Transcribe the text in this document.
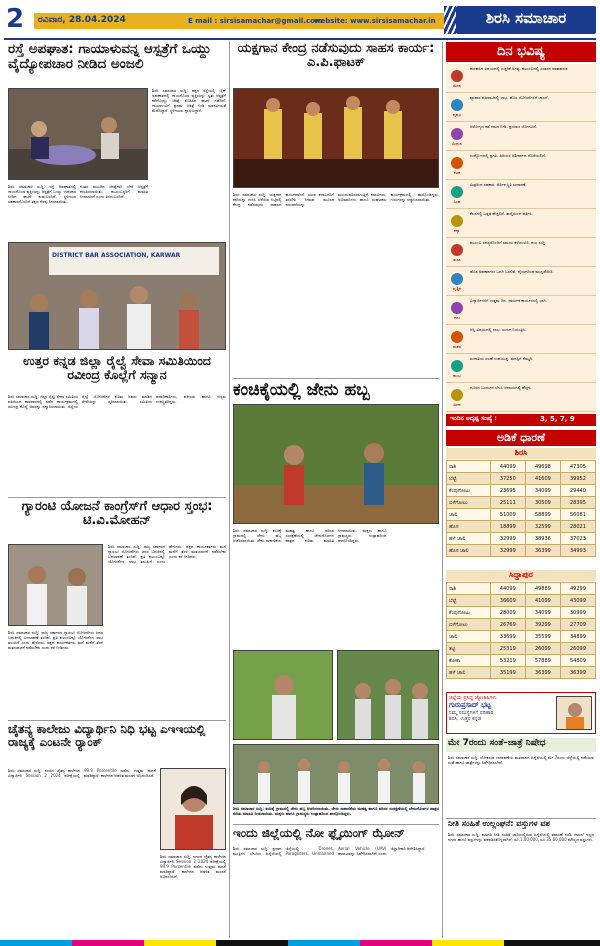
2	ರವಿವಾರ, 28.04.2024	E mail : sirsisamachar@gmail.com
website: www.sirsisamachar.in	ಶಿರಸಿ ಸಮಾಚಾರ
ರಸ್ತೆ ಅಪಘಾತ: ಗಾಯಾಳುವನ್ನ ಆಸ್ಪತ್ರೆಗೆ ಒಯ್ದು ವೈದ್ಯೋಪಚಾರ ನೀಡಿದ ಅಂಜಲಿ
ಶಿರಸಿ ಸಮಾಚಾರ ಸುದ್ದಿ: ಪಕ್ಕದ ರಸ್ತೆಯಲ್ಲಿ ಬೈಕ್ ಅಪಘಾತದಲ್ಲಿ ಗಾಯಗೊಂಡ ವ್ಯಕ್ತಿಯನ್ನು ಸ್ವತಃ ಆಸ್ಪತ್ರೆಗೆ ಕರೆದೊಯ್ದು ಚಿಕಿತ್ಸೆ ಕೊಡಿಸಿದ ಘಟನೆ ನಡೆದಿದೆ. ಗಾಯಾಳುವಿಗೆ ಪ್ರಥಮ ಚಿಕಿತ್ಸೆ ನೀಡಿ ಮಾನವೀಯತೆ ಮೆರೆದಿದ್ದಾರೆ. ಸ್ಥಳೀಯರು ಶ್ಲಾಘಿಸಿದ್ದಾರೆ.
ಶಿರಸಿ ಸಮಾಚಾರ ಸುದ್ದಿ: ರಸ್ತೆ ಅಪಘಾತದಲ್ಲಿ ಗಾಯಗೊಂಡ ವ್ಯಕ್ತಿಯನ್ನು ಆಸ್ಪತ್ರೆಗೆ ಒಯ್ದು ಉಪಚಾರ ನೀಡಿದ ಘಟನೆ ಕಂಡುಬಂದಿದೆ. ಸ್ಥಳೀಯರ ಸಹಕಾರದೊಂದಿಗೆ ತಕ್ಷಣ ನೆರವು ನೀಡಲಾಯಿತು.
ನಂತರ ಮುಂದಿನ ಚಿಕಿತ್ಸೆಗಾಗಿ ಬೇರೆ ಆಸ್ಪತ್ರೆಗೆ ಕಳುಹಿಸಲಾಯಿತು. ಕುಟುಂಬಸ್ಥರಿಗೆ ಮಾಹಿತಿ ನೀಡಲಾಗಿದೆ ಎಂದು ತಿಳಿದುಬಂದಿದೆ.
DISTRICT BAR ASSOCIATION, KARWAR
ಉತ್ತರ ಕನ್ನಡ ಜಿಲ್ಲಾ ರೈಲ್ವೆ ಸೇವಾ ಸಮಿತಿಯಿಂದ ರವೀಂದ್ರ ಕೊಲ್ಲೆಗೆ ಸನ್ಮಾನ
ಶಿರಸಿ ಸಮಾಚಾರ ಸುದ್ದಿ: ಜಿಲ್ಲಾ ರೈಲ್ವೆ ಸೇವಾ ಸಮಿತಿಯ ವತಿಯಿಂದ ಕಾರವಾರದಲ್ಲಿ ನಡೆದ ಕಾರ್ಯಕ್ರಮದಲ್ಲಿ ರವೀಂದ್ರ ಕೊಲ್ಲೆ ಅವರನ್ನು ಸನ್ಮಾನಿಸಲಾಯಿತು. ಜಿಲ್ಲೆಯ ರೈಲ್ವೆ ಯೋಜನೆಗಳ ಕುರಿತು ಅವರು ಮಾಡಿದ ಸೇವೆಯನ್ನು ಸ್ಮರಿಸಲಾಯಿತು. ಸಮಿತಿಯ ಪದಾಧಿಕಾರಿಗಳು, ವಕೀಲರು ಹಾಗೂ ಗಣ್ಯರು ಉಪಸ್ಥಿತರಿದ್ದರು.
ಗ್ಯಾರಂಟಿ ಯೋಜನೆ ಕಾಂಗ್ರೆಸ್‌ಗೆ ಆಧಾರ ಸ್ತಂಭ: ಟಿ.ವಿ.ಮೋಹನ್
ಶಿರಸಿ ಸಮಾಚಾರ ಸುದ್ದಿ: ರಾಜ್ಯ ಸರ್ಕಾರದ ಗ್ಯಾರಂಟಿ ಯೋಜನೆಗಳು ಜನರ ಬದುಕಿನಲ್ಲಿ ಬದಲಾವಣೆ ತಂದಿವೆ. ಪ್ರತಿ ಕುಟುಂಬಕ್ಕೂ ಯೋಜನೆಗಳ ಲಾಭ ತಲುಪಿದೆ ಎಂದು ಹೇಳಿದರು. ಪಕ್ಷದ ಕಾರ್ಯಕರ್ತರು ಮನೆ ಮನೆಗೆ ತೆರಳಿ ಮತಯಾಚನೆ ನಡೆಸಬೇಕು ಎಂದು ಕರೆ ನೀಡಿದರು.
ಶಿರಸಿ ಸಮಾಚಾರ ಸುದ್ದಿ: ರಾಜ್ಯ ಸರ್ಕಾರದ ಗ್ಯಾರಂಟಿ ಯೋಜನೆಗಳು ಜನರ ಬದುಕಿನಲ್ಲಿ ಬದಲಾವಣೆ ತಂದಿವೆ. ಪ್ರತಿ ಕುಟುಂಬಕ್ಕೂ ಯೋಜನೆಗಳ ಲಾಭ ತಲುಪಿದೆ ಎಂದು ಹೇಳಿದರು. ಪಕ್ಷದ ಕಾರ್ಯಕರ್ತರು ಮನೆ ಮನೆಗೆ ತೆರಳಿ ಮತಯಾಚನೆ ನಡೆಸಬೇಕು ಎಂದು ಕರೆ ನೀಡಿದರು.
ಚೈತನ್ಯ ಕಾಲೇಜು ವಿದ್ಯಾರ್ಥಿನಿ ನಿಧಿ ಭಟ್ಟ ಎಇಇಯಲ್ಲಿ ರಾಜ್ಯಕ್ಕೆ ಎಂಟನೇ ರ‍್ಯಾಂಕ್
ಶಿರಸಿ ಸಮಾಚಾರ ಸುದ್ದಿ: ನಗರದ ಚೈತನ್ಯ ಕಾಲೇಜಿನ ವಿದ್ಯಾರ್ಥಿನಿ Session 2 2024 ಪರೀಕ್ಷೆಯಲ್ಲಿ 99.9 Percentile ಪಡೆದು ಉತ್ತಮ ಸಾಧನೆ ಮಾಡಿದ್ದಾರೆ. ಕಾಲೇಜಿನ ಆಡಳಿತ ಮಂಡಳಿ ಅಭಿನಂದಿಸಿದೆ.
ಶಿರಸಿ ಸಮಾಚಾರ ಸುದ್ದಿ: ನಗರದ ಚೈತನ್ಯ ಕಾಲೇಜಿನ ವಿದ್ಯಾರ್ಥಿನಿ Session 2 2024 ಪರೀಕ್ಷೆಯಲ್ಲಿ 99.9 Percentile ಪಡೆದು ಉತ್ತಮ ಸಾಧನೆ ಮಾಡಿದ್ದಾರೆ. ಕಾಲೇಜಿನ ಆಡಳಿತ ಮಂಡಳಿ ಅಭಿನಂದಿಸಿದೆ.
ಯಕ್ಷಗಾನ ಕೇಂದ್ರ ನಡೆಸುವುದು ಸಾಹಸ ಕಾರ್ಯ: ಎ.ಪಿ.ಫಾಟಕ್
ಶಿರಸಿ ಸಮಾಚಾರ ಸುದ್ದಿ: ಯಕ್ಷಗಾನ ಕಲೆಯನ್ನು ಉಳಿಸಿ ಬೆಳೆಸುವ ನಿಟ್ಟಿನಲ್ಲಿ ಕೇಂದ್ರ ನಡೆಸುವುದು ಸಾಹಸದ ಕಾರ್ಯವಾಗಿದೆ. ಯುವ ಕಲಾವಿದರಿಗೆ ತರಬೇತಿ ನೀಡುವ ಮೂಲಕ ಪರಂಪರೆಯನ್ನು ಮುಂದುವರಿಸಲಾಗುತ್ತಿದೆ. ಕಲಾವಿದರು, ಅಭಿಮಾನಿಗಳು ಹಾಗೂ ಸಂಘಟಕರು ಕಾರ್ಯಕ್ರಮದಲ್ಲಿ ಪಾಲ್ಗೊಂಡಿದ್ದರು. ಗುರುಗಳನ್ನು ಸನ್ಮಾನಿಸಲಾಯಿತು.
ಕಂಚಿಕೈಯಲ್ಲಿ ಜೇನು ಹಬ್ಬ
ಶಿರಸಿ ಸಮಾಚಾರ ಸುದ್ದಿ: ಕಂಚಿಕೈ ಗ್ರಾಮದಲ್ಲಿ ಜೇನು ಹಬ್ಬ ಆಚರಿಸಲಾಯಿತು. ಜೇನು ಸಾಕಾಣಿಕೆಯ ಮಹತ್ವ ಹಾಗೂ ಪರಿಸರ ಸಂರಕ್ಷಣೆಯಲ್ಲಿ ಜೇನುನೊಣಗಳ ಪಾತ್ರದ ಕುರಿತು ಮಾಹಿತಿ ನೀಡಲಾಯಿತು. ಮಕ್ಕಳು ಹಾಗೂ ಗ್ರಾಮಸ್ಥರು ಉತ್ಸಾಹದಿಂದ ಪಾಲ್ಗೊಂಡಿದ್ದರು.
ಶಿರಸಿ ಸಮಾಚಾರ ಸುದ್ದಿ: ಕಂಚಿಕೈ ಗ್ರಾಮದಲ್ಲಿ ಜೇನು ಹಬ್ಬ ಆಚರಿಸಲಾಯಿತು. ಜೇನು ಸಾಕಾಣಿಕೆಯ ಮಹತ್ವ ಹಾಗೂ ಪರಿಸರ ಸಂರಕ್ಷಣೆಯಲ್ಲಿ ಜೇನುನೊಣಗಳ ಪಾತ್ರದ ಕುರಿತು ಮಾಹಿತಿ ನೀಡಲಾಯಿತು. ಮಕ್ಕಳು ಹಾಗೂ ಗ್ರಾಮಸ್ಥರು ಉತ್ಸಾಹದಿಂದ ಪಾಲ್ಗೊಂಡಿದ್ದರು.
ಇಂದು ಜಿಲ್ಲೆಯಲ್ಲಿ ನೋ ಫ್ಲೈಯಿಂಗ್ ಝೋನ್
ಶಿರಸಿ ಸಮಾಚಾರ ಸುದ್ದಿ: ಪ್ರಧಾನ ಮಂತ್ರಿಗಳ ಭೇಟಿಯ ಹಿನ್ನೆಲೆಯಲ್ಲಿ ಜಿಲ್ಲೆಯಲ್ಲಿ Drones, Paragliders, Unmanned Aerial Vehicle (UAV) ಹಾರಾಟವನ್ನು ನಿಷೇಧಿಸಲಾಗಿದೆ ಎಂದು ಜಿಲ್ಲಾಧಿಕಾರಿ ಆದೇಶಿಸಿದ್ದಾರೆ.
ದಿನ ಭವಿಷ್ಯ
ಮೇಷ
ಹಣಕಾಸಿನ ವಿಷಯದಲ್ಲಿ ಎಚ್ಚರಿಕೆ ಅಗತ್ಯ. ಕುಟುಂಬದಲ್ಲಿ ಸಂತಸದ ವಾತಾವರಣ.
ವೃಷಭ
ವ್ಯಾಪಾರ ವಹಿವಾಟಿನಲ್ಲಿ ಲಾಭ. ಹೊಸ ಯೋಜನೆಗಳಿಗೆ ಚಾಲನೆ.
ಮಿಥುನ
ಆರೋಗ್ಯದ ಕಡೆ ಗಮನ ನೀಡಿ. ಪ್ರಯಾಣ ಯೋಗವಿದೆ.
ಕಟಕ
ಉದ್ಯೋಗದಲ್ಲಿ ಪ್ರಗತಿ. ಹಿರಿಯರ ಆಶೀರ್ವಾದ ದೊರೆಯಲಿದೆ.
ಸಿಂಹ
ಮಿತ್ರರಿಂದ ಸಹಕಾರ. ಆರ್ಥಿಕ ಸ್ಥಿತಿ ಸುಧಾರಣೆ.
ಕನ್ಯಾ
ಕೆಲಸದಲ್ಲಿ ಒತ್ತಡ ಹೆಚ್ಚಲಿದೆ. ತಾಳ್ಮೆಯಿಂದ ವರ್ತಿಸಿ.
ತುಲಾ
ಕುಟುಂಬ ಸದಸ್ಯರೊಂದಿಗೆ ಸಮಯ ಕಳೆಯುವಿರಿ. ಶುಭ ಸುದ್ದಿ.
ವೃಶ್ಚಿಕ
ಹೊಸ ಅವಕಾಶಗಳು ಒದಗಿ ಬರಲಿವೆ. ಧೈರ್ಯದಿಂದ ಮುನ್ನಡೆಯಿರಿ.
ಧನು
ವಿದ್ಯಾರ್ಥಿಗಳಿಗೆ ಉತ್ತಮ ದಿನ. ಧಾರ್ಮಿಕ ಕಾರ್ಯಗಳಲ್ಲಿ ಭಾಗಿ.
ಮಕರ
ಆಸ್ತಿ ವಿಷಯದಲ್ಲಿ ಲಾಭ. ಖರ್ಚು ನಿಯಂತ್ರಿಸಿ.
ಕುಂಭ
ಸಂಗಾತಿಯ ಸಲಹೆ ಉಪಯುಕ್ತ. ಮನಸ್ಸಿಗೆ ನೆಮ್ಮದಿ.
ಮೀನ
ದೂರದ ಬಂಧುಗಳ ಭೇಟಿ. ಆದಾಯದಲ್ಲಿ ಹೆಚ್ಚಳ.
ಇಂದಿನ ಅದೃಷ್ಟ ಸಂಖ್ಯೆ :	3, 5, 7, 9
ಅಡಿಕೆ ಧಾರಣೆ
ಶಿರಸಿ
ರಾಶಿ	44099	49698	47305
ಬೆಟ್ಟೆ	37250	41609	39952
ಕೆಂಪುಗೋಟು	23695	34099	29440
ಬಿಳೆಗೋಟು	25111	30509	28395
ಚಾಲಿ	51009	58899	56081
ಹೊಸ	18899	32599	28021
ಹಳೆ ಚಾಲಿ	32999	38936	37023
ಹೊಸ ಚಾಲಿ	32999	36399	34993
ಸಿದ್ದಾಪುರ
ರಾಶಿ	44099	49889	49299
ಬೆಟ್ಟೆ	36609	41099	43099
ಕೆಂಪುಗೋಟು	28009	34099	30999
ಬಿಳೆಗೋಟು	26769	39299	27709
ಚಾಲಿ	33699	35599	34899
ತಟ್ಟಿ	25319	26099	26099
ಕೋಕಾ	53219	57889	54809
ಹಳೆ ಚಾಲಿ	35199	36399	36399
ಜಿಲ್ಲೆಯ ಪ್ರಸಿದ್ಧ ಜ್ಯೋತಿಷಿಗಳು
ಗುರುಪ್ರಸಾದ್ ಭಟ್ಟ
ನಿಮ್ಮ ಸಮಸ್ಯೆಗಳಿಗೆ ಪರಿಹಾರ
ಶಿರಸಿ, ಉತ್ತರ ಕನ್ನಡ
ಮೇ 7ರಂದು ಸಂತೆ–ಜಾತ್ರೆ ನಿಷೇಧ
ಶಿರಸಿ ಸಮಾಚಾರ ಸುದ್ದಿ: ಲೋಕಸಭಾ ಚುನಾವಣೆಯ ಮತದಾನದ ಹಿನ್ನೆಲೆಯಲ್ಲಿ ಮೇ 7ರಂದು ಜಿಲ್ಲೆಯಲ್ಲಿ ನಡೆಯುವ ಸಂತೆ ಹಾಗೂ ಜಾತ್ರೆಗಳನ್ನು ನಿಷೇಧಿಸಲಾಗಿದೆ.
ನೀತಿ ಸಂಹಿತೆ ಉಲ್ಲಂಘನೆ: ವಸ್ತುಗಳ ವಶ
ಶಿರಸಿ ಸಮಾಚಾರ ಸುದ್ದಿ: ಮಾದರಿ ನೀತಿ ಸಂಹಿತೆ ಜಾರಿಯಲ್ಲಿರುವ ಹಿನ್ನೆಲೆಯಲ್ಲಿ ತಪಾಸಣೆ ನಡೆಸಿ ದಾಖಲೆ ಇಲ್ಲದ ನಗದು ಹಾಗೂ ವಸ್ತುಗಳನ್ನು ವಶಪಡಿಸಿಕೊಳ್ಳಲಾಗಿದೆ. ರೂ.1,00,000, ರೂ.35,60,000 ಮೌಲ್ಯದ ವಸ್ತುಗಳು.
